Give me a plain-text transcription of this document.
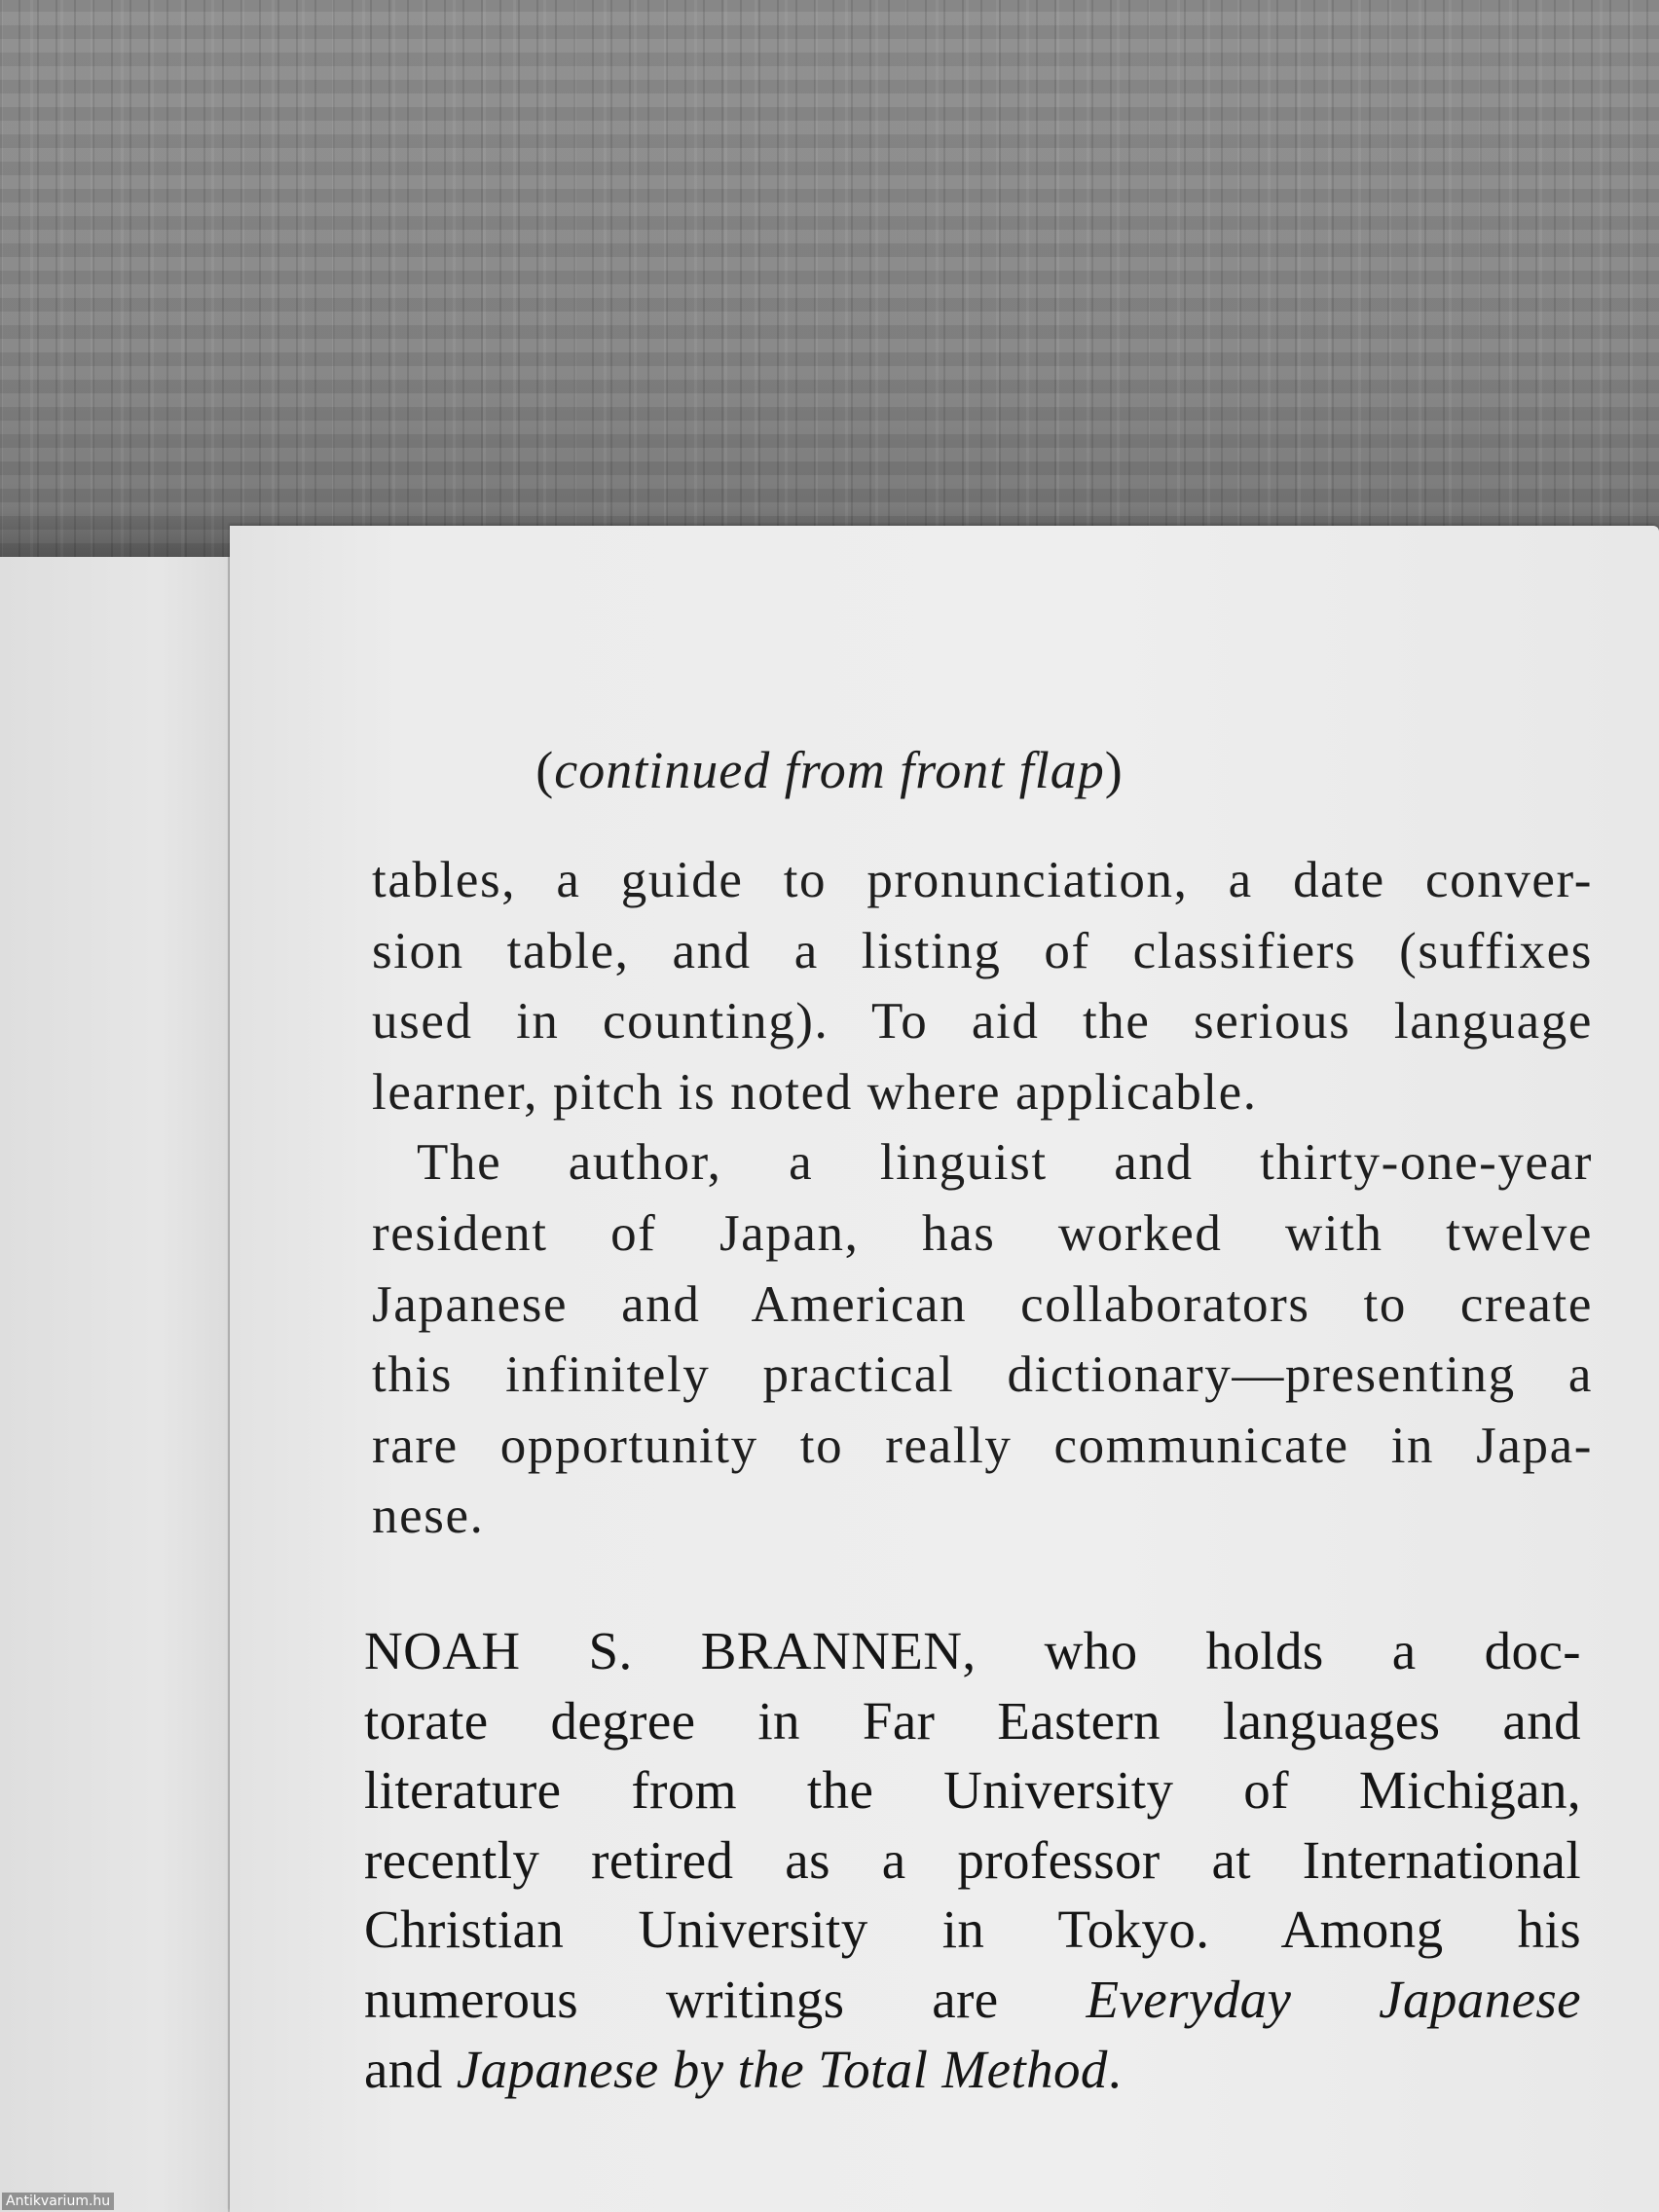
(continued from front flap)
tables, a guide to pronunciation, a date conver-
sion table, and a listing of classifiers (suffixes
used in counting). To aid the serious language
learner, pitch is noted where applicable.
The author, a linguist and thirty-one-year
resident of Japan, has worked with twelve
Japanese and American collaborators to create
this infinitely practical dictionary—presenting a
rare opportunity to really communicate in Japa-
nese.
NOAH S. BRANNEN, who holds a doc-
torate degree in Far Eastern languages and
literature from the University of Michigan,
recently retired as a professor at International
Christian University in Tokyo. Among his
numerous writings are Everyday Japanese
and Japanese by the Total Method.
Antikvarium.hu
